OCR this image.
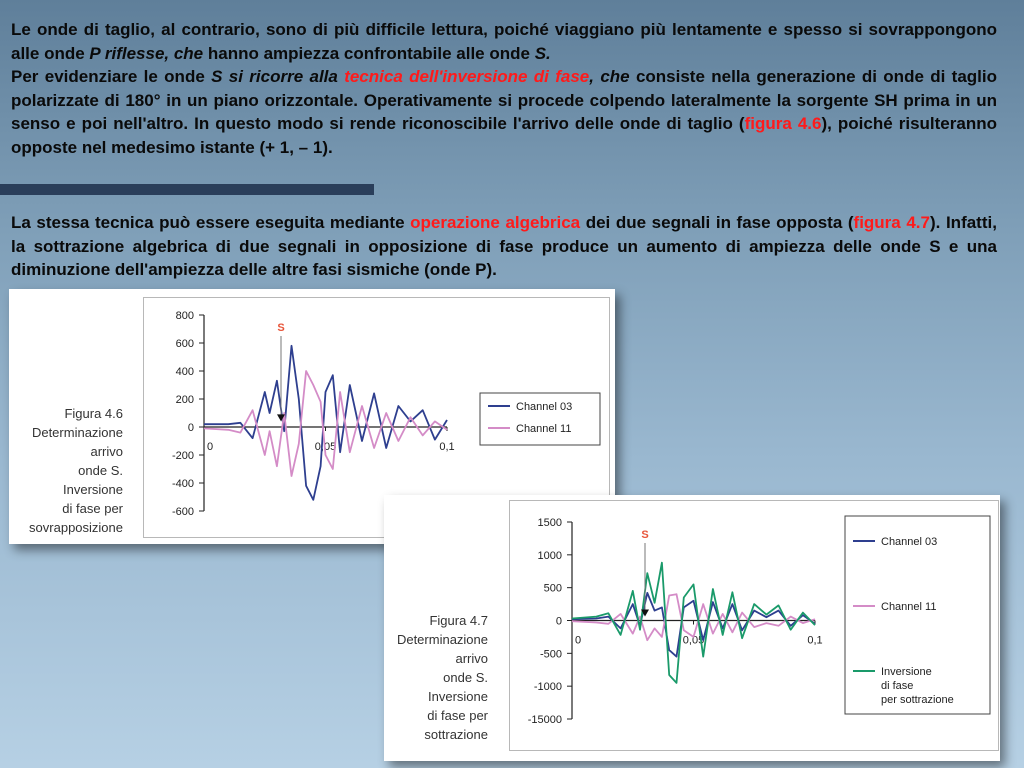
Le onde di taglio, al contrario, sono di più difficile lettura, poiché viaggiano più lentamente e spesso si sovrappongono alle onde P riflesse, che hanno ampiezza confrontabile alle onde S.
Per evidenziare le onde S si ricorre alla tecnica dell'inversione di fase, che consiste nella generazione di onde di taglio polarizzate di 180° in un piano orizzontale. Operativamente si procede colpendo lateralmente la sorgente SH prima in un senso e poi nell'altro. In questo modo si rende riconoscibile l'arrivo delle onde di taglio (figura 4.6), poiché risulteranno opposte nel medesimo istante (+ 1, – 1).
La stessa tecnica può essere eseguita mediante operazione algebrica dei due segnali in fase opposta (figura 4.7). Infatti, la sottrazione algebrica di due segnali in opposizione di fase produce un aumento di ampiezza delle onde S e una diminuzione dell'ampiezza delle altre fasi sismiche (onde P).
Figura 4.6
Determinazione
arrivo
onde S.
Inversione
di fase per
sovrapposizione
800
600
400
200
0
-200
-400
-600
0	0,05	0,1
S
Channel 03
Channel 11
Figura 4.7
Determinazione
arrivo
onde S.
Inversione
di fase per
sottrazione
1500
1000
500
0
-500
-1000
-15000
0	0,05	0,1
S
Channel 03
Channel 11
Inversione di fase per sottrazione
